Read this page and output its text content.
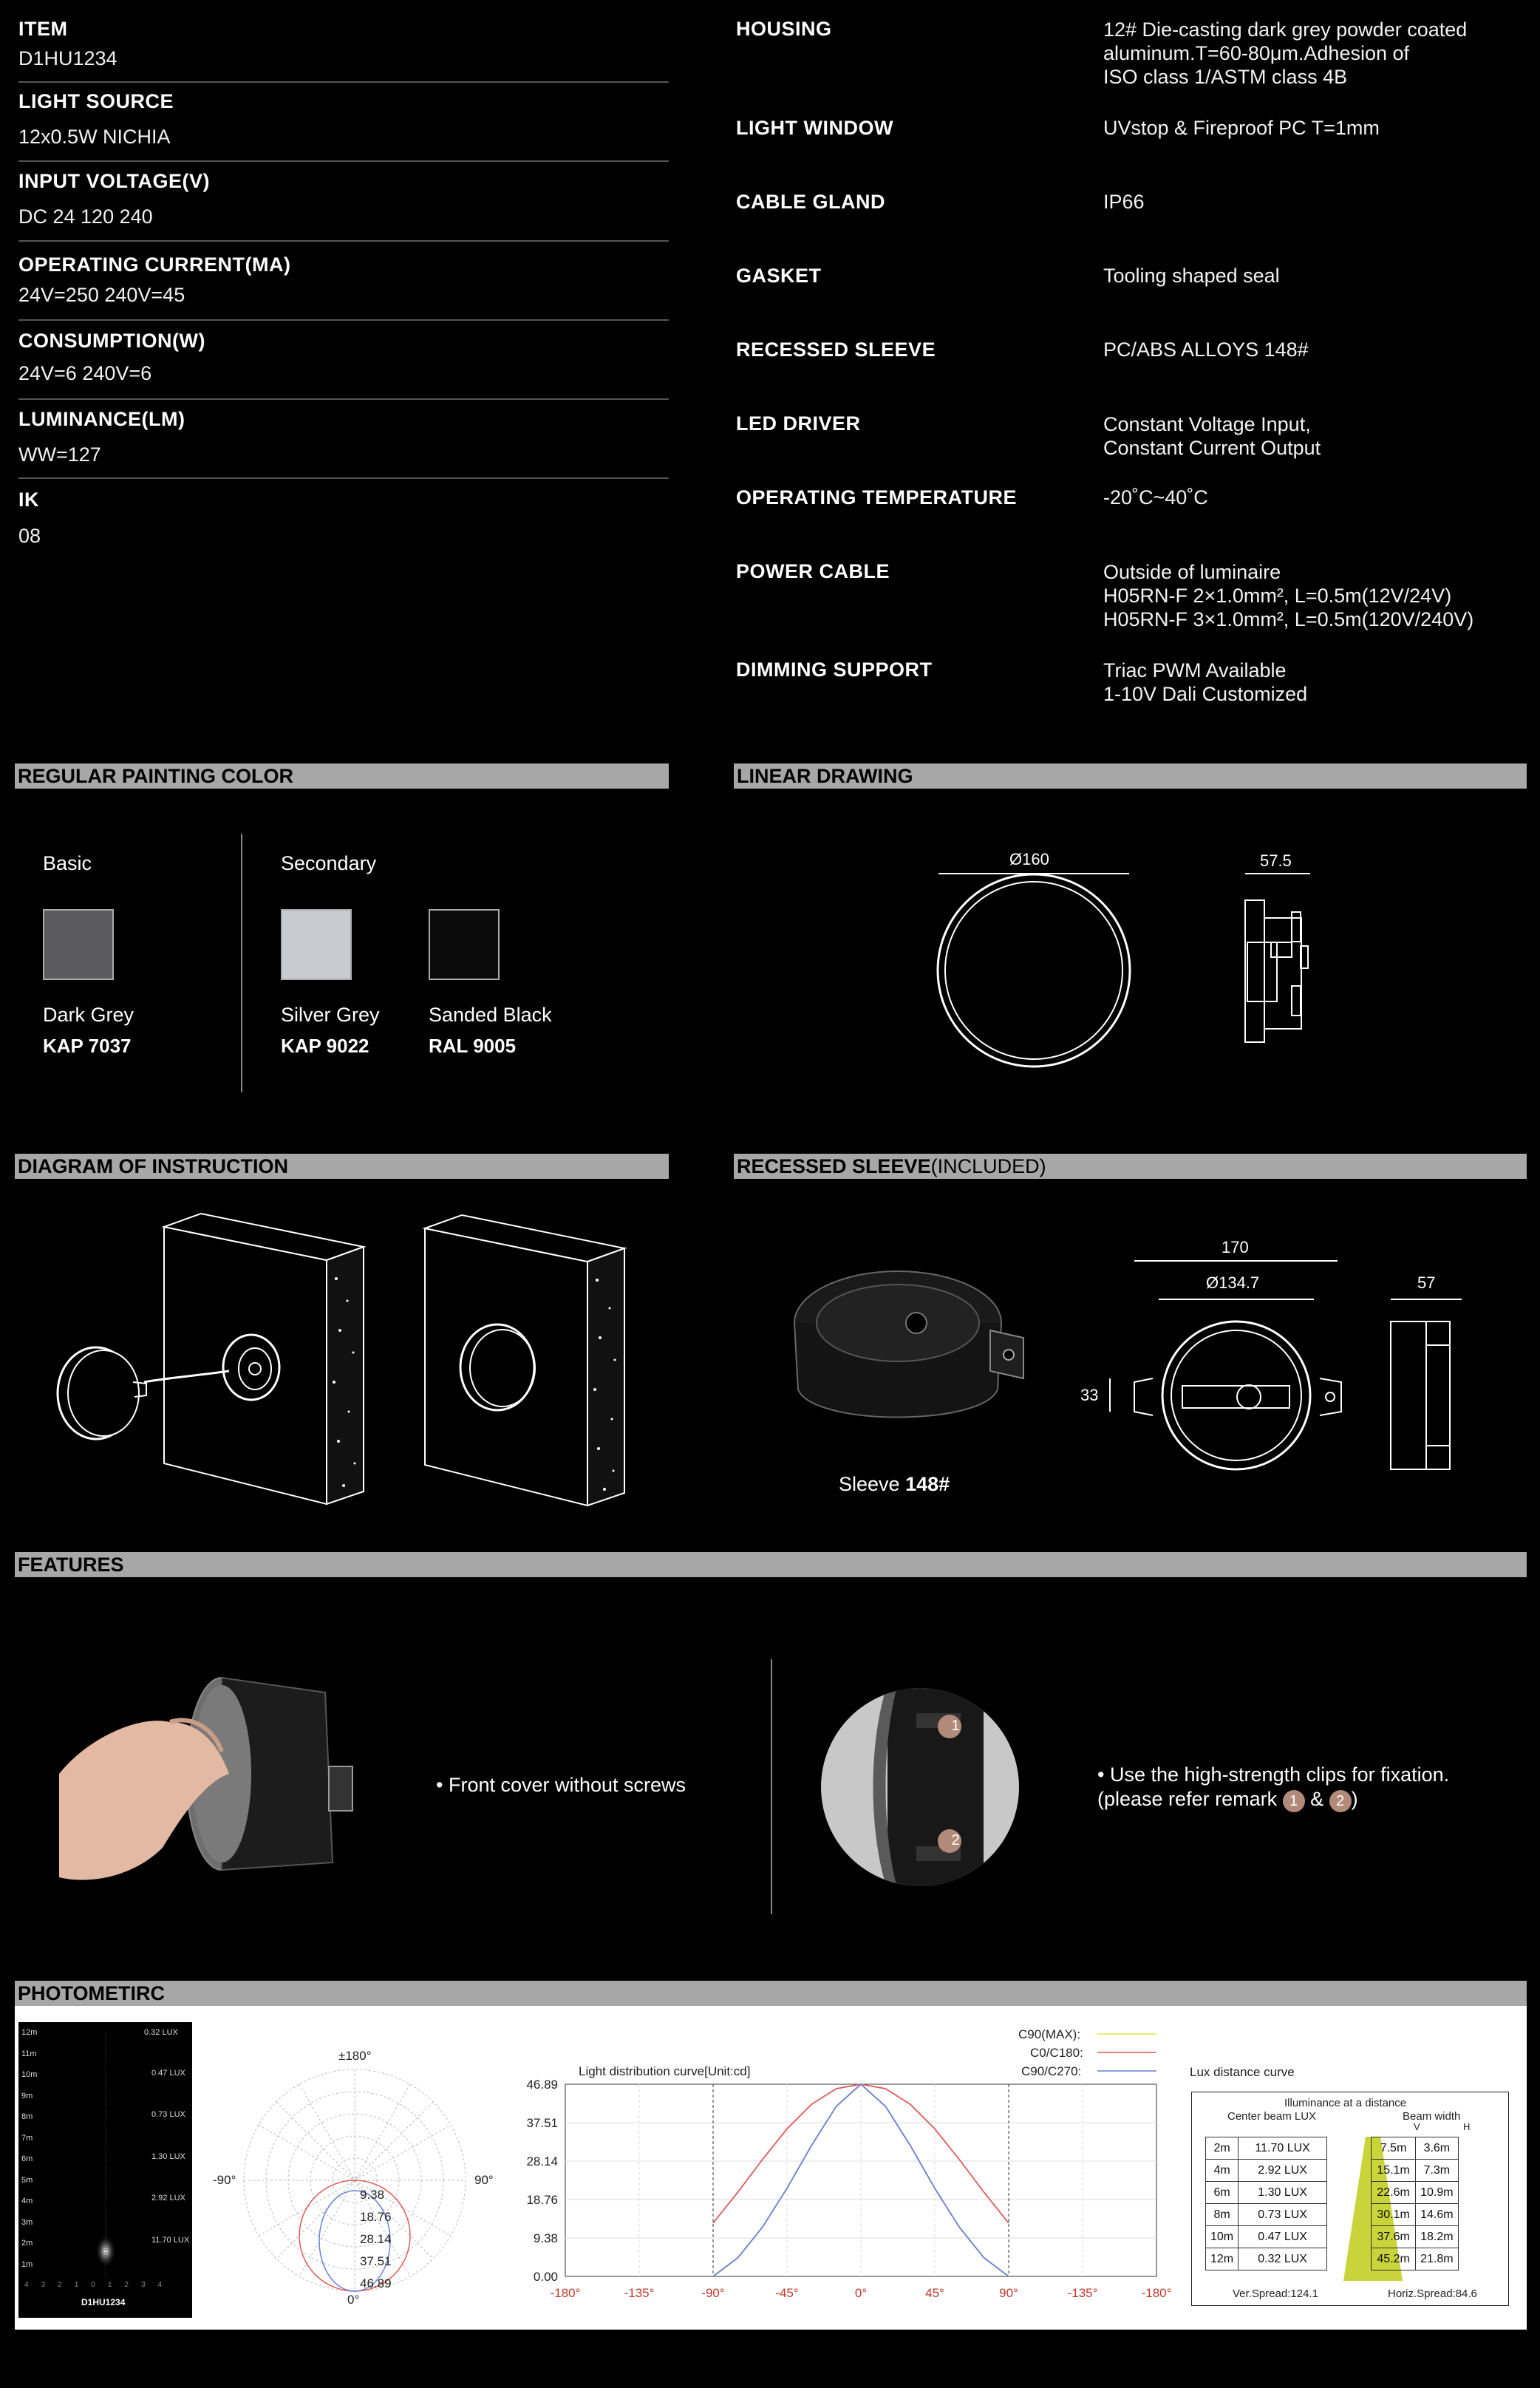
ITEM
D1HU1234
LIGHT SOURCE
12x0.5W NICHIA
INPUT VOLTAGE(V)
DC 24 120 240
OPERATING CURRENT(MA)
24V=250 240V=45
CONSUMPTION(W)
24V=6 240V=6
LUMINANCE(LM)
WW=127
IK
08
HOUSING	12# Die-casting dark grey powder coated
aluminum.T=60-80μm.Adhesion of
ISO class 1/ASTM class 4B
LIGHT WINDOW	UVstop & Fireproof PC T=1mm
CABLE GLAND	IP66
GASKET	Tooling shaped seal
RECESSED SLEEVE	PC/ABS ALLOYS 148#
LED DRIVER	Constant Voltage Input,
Constant Current Output
OPERATING TEMPERATURE	-20˚C~40˚C
POWER CABLE	Outside of luminaire
H05RN-F 2×1.0mm², L=0.5m(12V/24V)
H05RN-F 3×1.0mm², L=0.5m(120V/240V)
DIMMING SUPPORT	Triac PWM Available
1-10V Dali Customized
REGULAR PAINTING COLOR	LINEAR DRAWING
DIAGRAM OF INSTRUCTION	RECESSED SLEEVE(INCLUDED)
FEATURES
PHOTOMETIRC
Basic	Secondary
Dark Grey
KAP 7037
Silver Grey
KAP 9022
Sanded Black
RAL 9005
Ø160	57.5
Sleeve 148#
170
Ø134.7	57
33
• Front cover without screws
1
2
• Use the high-strength clips for fixation.
(please refer remark 1 & 2 )
12m
11m
10m
9m
8m
7m
6m
5m
4m
3m
2m
1m
0.32 LUX
0.47 LUX
0.73 LUX
1.30 LUX
2.92 LUX
11.70 LUX
432101234
D1HU1234
±180°
-90°	90°
0°
9.38
18.76
28.14
37.51
46.89
Light distribution curve[Unit:cd]
C90(MAX):
C0/C180:
C90/C270:
46.89
37.51
28.14
18.76
9.38
0.00
-180°	-135°	-90°	-45°	0°	45°	90°	-135°	-180°
Lux distance curve
Illuminance at a distance
Center beam LUX	Beam width
V	H
2m	11.70 LUX		7.5m	3.6m
4m	2.92 LUX		15.1m	7.3m
6m	1.30 LUX		22.6m	10.9m
8m	0.73 LUX		30.1m	14.6m
10m	0.47 LUX		37.6m	18.2m
12m	0.32 LUX		45.2m	21.8m
Ver.Spread:124.1	Horiz.Spread:84.6
